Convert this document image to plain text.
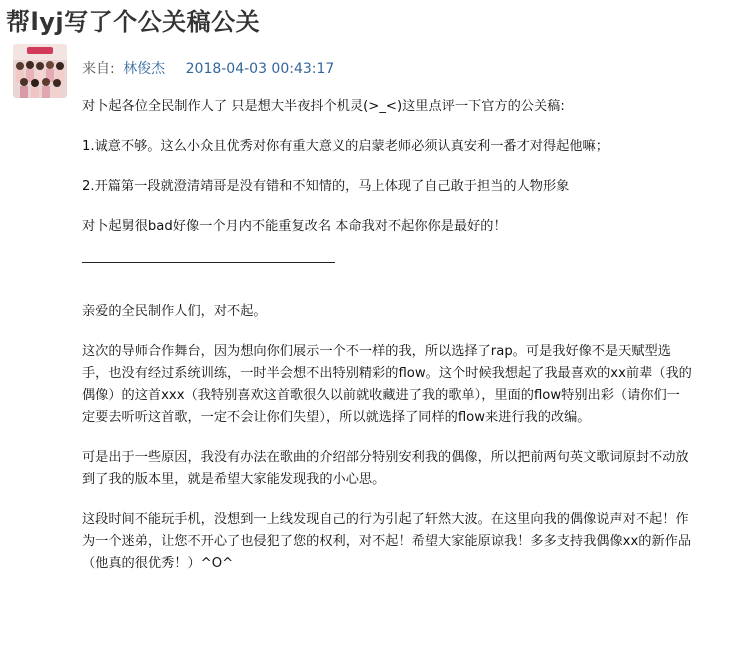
帮lyj写了个公关稿公关
来自: 林俊杰 2018-04-03 00:43:17

对卜起各位全民制作人了 只是想大半夜抖个机灵(>_<)这里点评一下官方的公关稿:

1.诚意不够。这么小众且优秀对你有重大意义的启蒙老师必须认真安利一番才对得起他嘛；

2.开篇第一段就澄清靖哥是没有错和不知情的，马上体现了自己敢于担当的人物形象

对卜起舅很bad好像一个月内不能重复改名 本命我对不起你你是最好的！

亲爱的全民制作人们，对不起。

这次的导师合作舞台，因为想向你们展示一个不一样的我，所以选择了rap。可是我好像不是天赋型选手，也没有经过系统训练，一时半会想不出特别精彩的flow。这个时候我想起了我最喜欢的xx前辈（我的偶像）的这首xxx（我特别喜欢这首歌很久以前就收藏进了我的歌单），里面的flow特别出彩（请你们一定要去听听这首歌，一定不会让你们失望），所以就选择了同样的flow来进行我的改编。

可是出于一些原因，我没有办法在歌曲的介绍部分特别安利我的偶像，所以把前两句英文歌词原封不动放到了我的版本里，就是希望大家能发现我的小心思。

这段时间不能玩手机，没想到一上线发现自己的行为引起了轩然大波。在这里向我的偶像说声对不起！作为一个迷弟，让您不开心了也侵犯了您的权利，对不起！希望大家能原谅我！多多支持我偶像xx的新作品（他真的很优秀！）^O^
